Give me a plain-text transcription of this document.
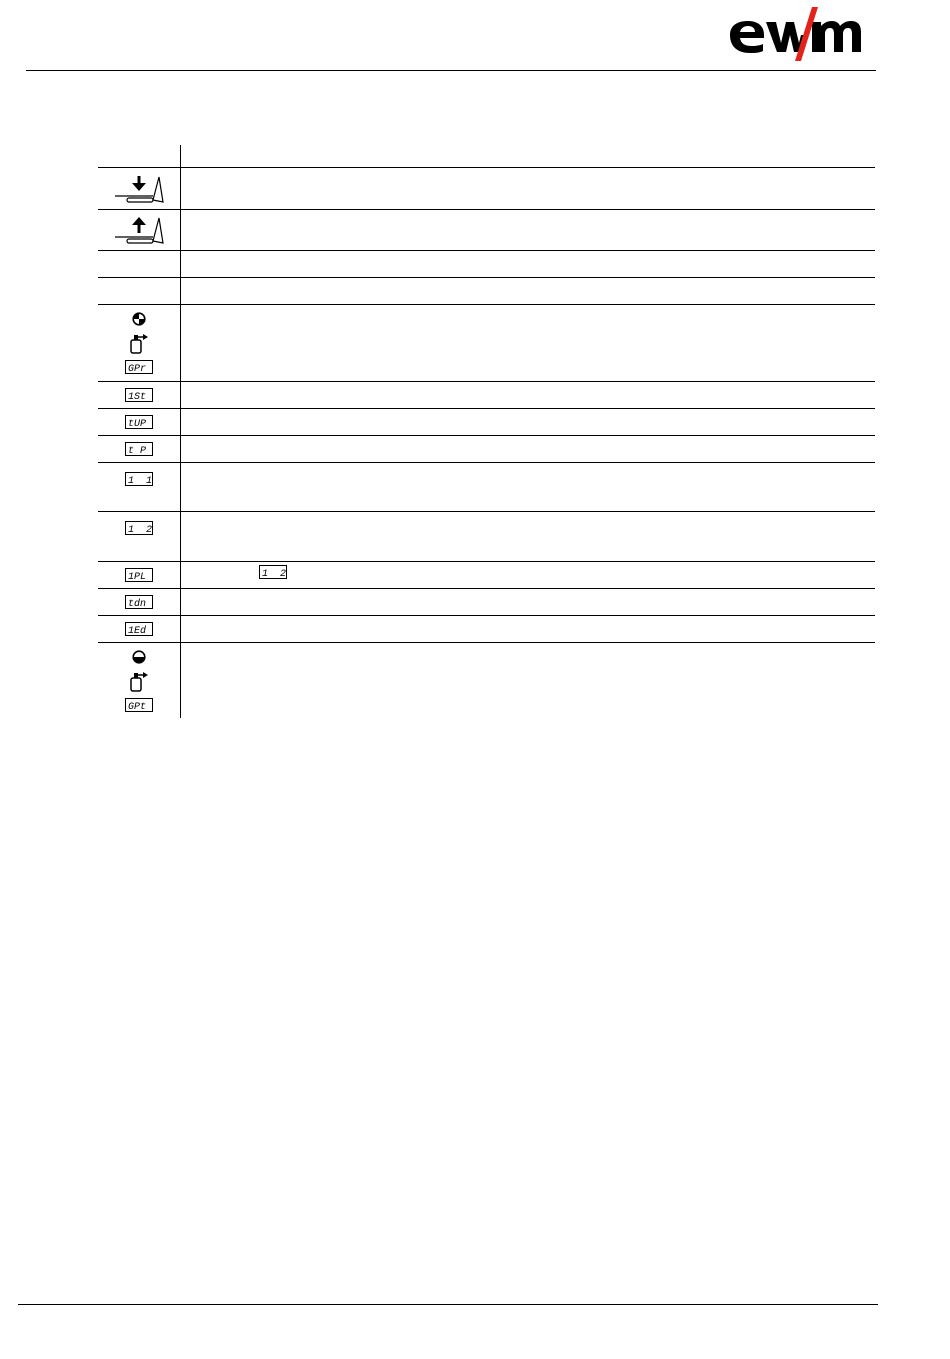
GPr
1St
tUP
t P
1  1
1  2
1PL	1  2
tdn
1Ed
GPt
